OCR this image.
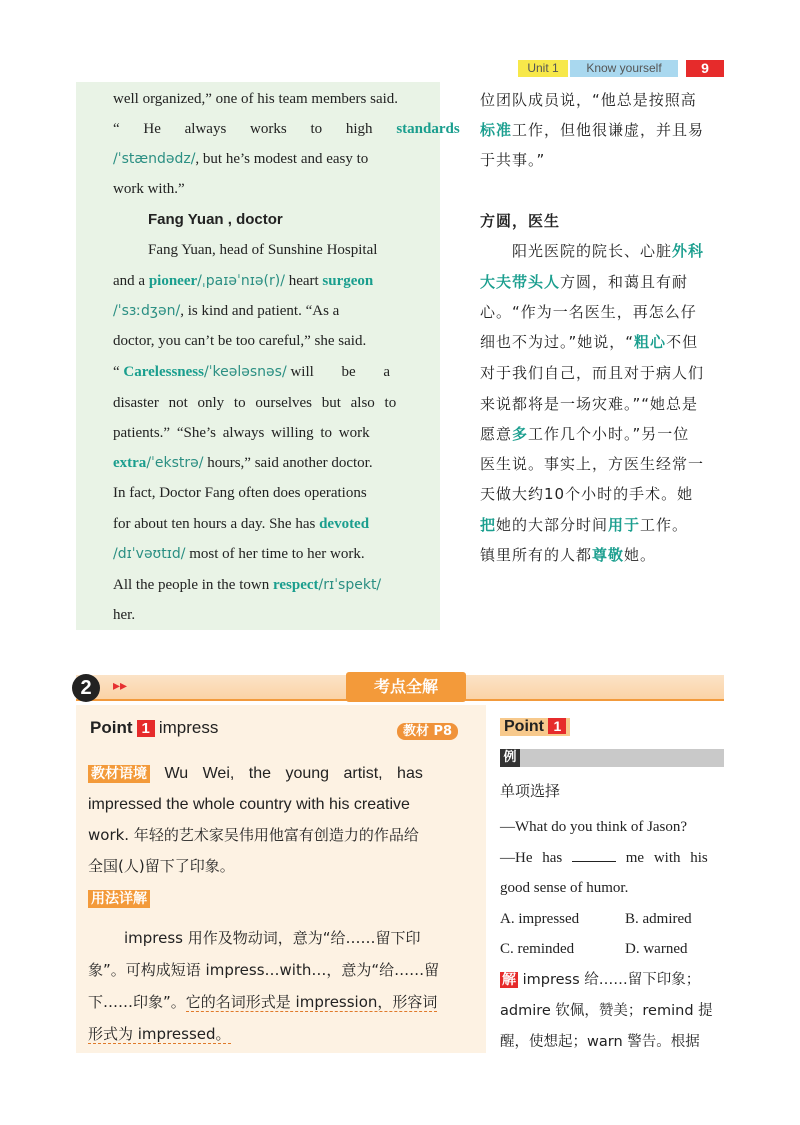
Unit 1	Know yourself	9
well organized,” one of his team members said.
“ He always works to high standards
/ˈstændədz/, but he’s modest and easy to
work with.”
Fang Yuan , doctor
Fang Yuan, head of Sunshine Hospital
and a pioneer/ˌpaɪəˈnɪə(r)/ heart surgeon
/ˈsɜːdʒən/, is kind and patient. “As a
doctor, you can’t be too careful,” she said.
“ Carelessness/ˈkeələsnəs/ will be a
disaster not only to ourselves but also to
patients.” “She’s always willing to work
extra/ˈekstrə/ hours,” said another doctor.
In fact, Doctor Fang often does operations
for about ten hours a day. She has devoted
/dɪˈvəʊtɪd/ most of her time to her work.
All the people in the town respect/rɪˈspekt/
her.
位团队成员说，“他总是按照高
标准工作，但他很谦虚，并且易
于共事。”
方圆，医生
阳光医院的院长、心脏外科
大夫带头人方圆，和蔼且有耐
心。“作为一名医生，再怎么仔
细也不为过。”她说，“粗心不但
对于我们自己，而且对于病人们
来说都将是一场灾难。”“她总是
愿意多工作几个小时。”另一位
医生说。事实上，方医生经常一
天做大约10个小时的手术。她
把她的大部分时间用于工作。
镇里所有的人都尊敬她。
2	▸▸	考点全解
Point 1 impress	教材 P8
教材语境 Wu Wei, the young artist, has
impressed the whole country with his creative
work. 年轻的艺术家吴伟用他富有创造力的作品给
全国(人)留下了印象。
用法详解
impress 用作及物动词，意为“给……留下印
象”。可构成短语 impress…with…，意为“给……留
下……印象”。它的名词形式是 impression，形容词
形式为 impressed。
Point 1
例
单项选择
—What do you think of Jason?
—He has	me with his
good sense of humor.
A. impressed	B. admired
C. reminded	D. warned
解 impress 给……留下印象；
admire 钦佩，赞美；remind 提
醒，使想起；warn 警告。根据
